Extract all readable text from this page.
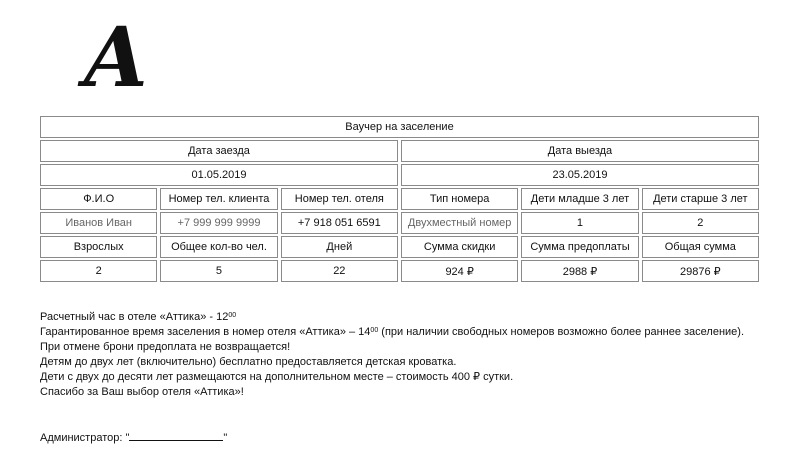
A
Ваучер на заселение
Дата заезда	Дата выезда
01.05.2019	23.05.2019
Ф.И.О	Номер тел. клиента	Номер тел. отеля	Тип номера	Дети младше 3 лет	Дети старше 3 лет
Иванов Иван	+7 999 999 9999	+7 918 051 6591	Двухместный номер	1	2
Взрослых	Общее кол-во чел.	Дней	Сумма скидки	Сумма предоплаты	Общая сумма
2	5	22	924 ₽	2988 ₽	29876 ₽
Расчетный час в отеле «Аттика» - $12^{00}$
Гарантированное время заселения в номер отеля «Аттика» – $14^{00}$ (при наличии свободных номеров возможно более раннее заселение).
При отмене брони предоплата не возвращается!
Детям до двух лет (включительно) бесплатно предоставляется детская кроватка.
Дети с двух до десяти лет размещаются на дополнительном месте – стоимость 400 ₽ сутки.
Спасибо за Ваш выбор отеля «Аттика»!
Администратор: "	"
